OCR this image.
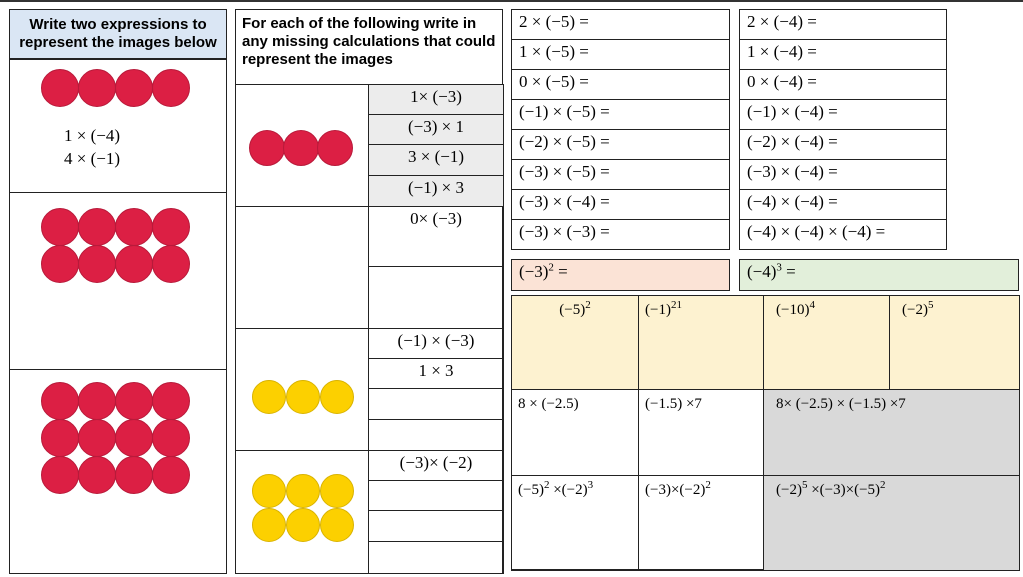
Write two expressions to represent the images below
1 × (−4)
4 × (−1)
For each of the following write in any missing calculations that could represent the images
1× (−3)
(−3) × 1
3 × (−1)
(−1) × 3
0× (−3)
(−1) × (−3)
1 × 3
(−3)× (−2)
2 × (−5) =
1 × (−5) =
0 × (−5) =
(−1) × (−5) =
(−2) × (−5) =
(−3) × (−5) =
(−3) × (−4) =
(−3) × (−3) =
$(-3)^2$ =
2 × (−4) =
1 × (−4) =
0 × (−4) =
(−1) × (−4) =
(−2) × (−4) =
(−3) × (−4) =
(−4) × (−4) =
(−4) × (−4) × (−4) =
$(-4)^3$ =
$(-5)^2$	$(-1)^{21}$	$(-10)^4$	$(-2)^5$
8 × (−2.5)	(−1.5) ×7	8× (−2.5) × (−1.5) ×7
$(-5)^2 \times(-2)^3$	$(-3)\times(-2)^2$	$(-2)^5 \times(-3)\times(-5)^2$
